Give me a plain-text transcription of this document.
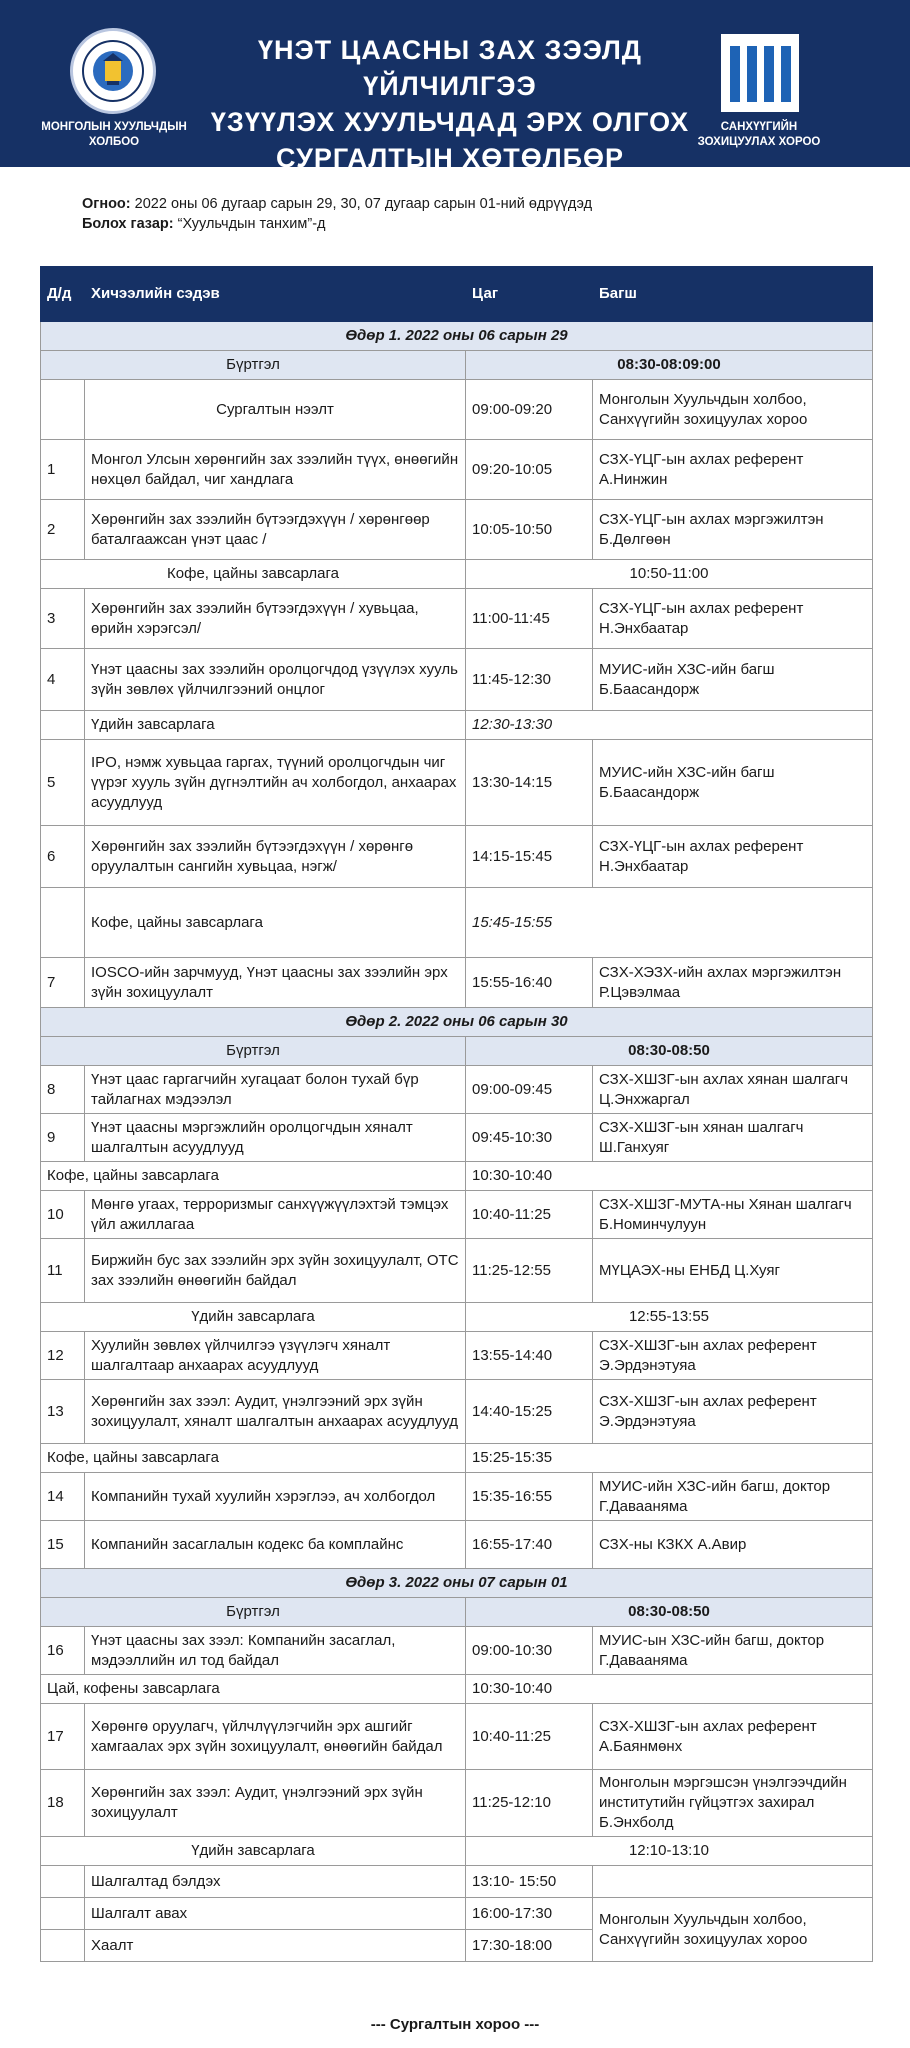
МОНГОЛЫН ХУУЛЬЧДЫН ХОЛБОО
ҮНЭТ ЦААСНЫ ЗАХ ЗЭЭЛД ҮЙЛЧИЛГЭЭ
ҮЗҮҮЛЭХ ХУУЛЬЧДАД ЭРХ ОЛГОХ
СУРГАЛТЫН ХӨТӨЛБӨР
САНХҮҮГИЙН ЗОХИЦУУЛАХ ХОРОО
Огноо: 2022 оны 06 дугаар сарын 29, 30, 07 дугаар сарын 01-ний өдрүүдэд
Болох газар: “Хуульчдын танхим”-д
Д/д	Хичээлийн сэдэв	Цаг	Багш
Өдөр 1. 2022 оны 06 сарын 29			
Бүртгэл		08:30-08:09:00	
	Сургалтын нээлт	09:00-09:20	Монголын Хуульчдын холбоо, Санхүүгийн зохицуулах хороо
1	Монгол Улсын хөрөнгийн зах зээлийн түүх, өнөөгийн нөхцөл байдал, чиг хандлага	09:20-10:05	СЗХ-ҮЦГ-ын ахлах референт А.Нинжин
2	Хөрөнгийн зах зээлийн бүтээгдэхүүн / хөрөнгөөр баталгаажсан үнэт цаас /	10:05-10:50	СЗХ-ҮЦГ-ын ахлах мэргэжилтэн Б.Дөлгөөн
Кофе, цайны завсарлага		10:50-11:00	
3	Хөрөнгийн зах зээлийн бүтээгдэхүүн / хувьцаа, өрийн хэрэгсэл/	11:00-11:45	СЗХ-ҮЦГ-ын ахлах референт Н.Энхбаатар
4	Үнэт цаасны зах зээлийн оролцогчдод үзүүлэх хууль зүйн зөвлөх үйлчилгээний онцлог	11:45-12:30	МУИС-ийн ХЗС-ийн багш Б.Баасандорж
	Үдийн завсарлага	12:30-13:30	
5	IPO, нэмж хувьцаа гаргах, түүний оролцогчдын чиг үүрэг хууль зүйн дүгнэлтийн ач холбогдол, анхаарах асуудлууд	13:30-14:15	МУИС-ийн ХЗС-ийн багш Б.Баасандорж
6	Хөрөнгийн зах зээлийн бүтээгдэхүүн / хөрөнгө оруулалтын сангийн хувьцаа, нэгж/	14:15-15:45	СЗХ-ҮЦГ-ын ахлах референт Н.Энхбаатар
	Кофе, цайны завсарлага	15:45-15:55	
7	IOSCO-ийн зарчмууд, Үнэт цаасны зах зээлийн эрх зүйн зохицуулалт	15:55-16:40	СЗХ-ХЭЗХ-ийн ахлах мэргэжилтэн Р.Цэвэлмаа
Өдөр 2. 2022 оны 06 сарын 30			
Бүртгэл		08:30-08:50	
8	Үнэт цаас гаргагчийн хугацаат болон тухай бүр тайлагнах мэдээлэл	09:00-09:45	СЗХ-ХШЗГ-ын ахлах хянан шалгагч Ц.Энхжаргал
9	Үнэт цаасны мэргэжлийн оролцогчдын хяналт шалгалтын асуудлууд	09:45-10:30	СЗХ-ХШЗГ-ын хянан шалгагч Ш.Ганхуяг
Кофе, цайны завсарлага		10:30-10:40	
10	Мөнгө угаах, терроризмыг санхүүжүүлэхтэй тэмцэх үйл ажиллагаа	10:40-11:25	СЗХ-ХШЗГ-МУТА-ны Хянан шалгагч Б.Номинчулуун
11	Биржийн бус зах зээлийн эрх зүйн зохицуулалт, ОТС зах зээлийн өнөөгийн байдал	11:25-12:55	МҮЦАЭХ-ны ЕНБД Ц.Хуяг
Үдийн завсарлага		12:55-13:55	
12	Хуулийн зөвлөх үйлчилгээ үзүүлэгч хяналт шалгалтаар анхаарах асуудлууд	13:55-14:40	СЗХ-ХШЗГ-ын ахлах референт Э.Эрдэнэтуяа
13	Хөрөнгийн зах зээл: Аудит, үнэлгээний эрх зүйн зохицуулалт, хяналт шалгалтын анхаарах асуудлууд	14:40-15:25	СЗХ-ХШЗГ-ын ахлах референт Э.Эрдэнэтуяа
Кофе, цайны завсарлага		15:25-15:35	
14	Компанийн тухай хуулийн хэрэглээ, ач холбогдол	15:35-16:55	МУИС-ийн ХЗС-ийн багш, доктор Г.Даваанямa
15	Компанийн засаглалын кодекс ба комплайнс	16:55-17:40	СЗХ-ны КЗКХ А.Авир
Өдөр 3. 2022 оны 07 сарын 01			
Бүртгэл		08:30-08:50	
16	Үнэт цаасны зах зээл: Компанийн засаглал, мэдээллийн ил тод байдал	09:00-10:30	МУИС-ын ХЗС-ийн багш, доктор Г.Даваанямa
Цай, кофены завсарлага		10:30-10:40	
17	Хөрөнгө оруулагч, үйлчлүүлэгчийн эрх ашгийг хамгаалах эрх зүйн зохицуулалт, өнөөгийн байдал	10:40-11:25	СЗХ-ХШЗГ-ын ахлах референт А.Баянмөнх
18	Хөрөнгийн зах зээл: Аудит, үнэлгээний эрх зүйн зохицуулалт	11:25-12:10	Монголын мэргэшсэн үнэлгээчдийн институтийн гүйцэтгэх захирал Б.Энхболд
Үдийн завсарлага		12:10-13:10	
	Шалгалтад бэлдэх	13:10- 15:50	
	Шалгалт авах	16:00-17:30	Монголын Хуульчдын холбоо, Санхүүгийн зохицуулах хороо
	Хаалт	17:30-18:00	
--- Сургалтын хороо ---
